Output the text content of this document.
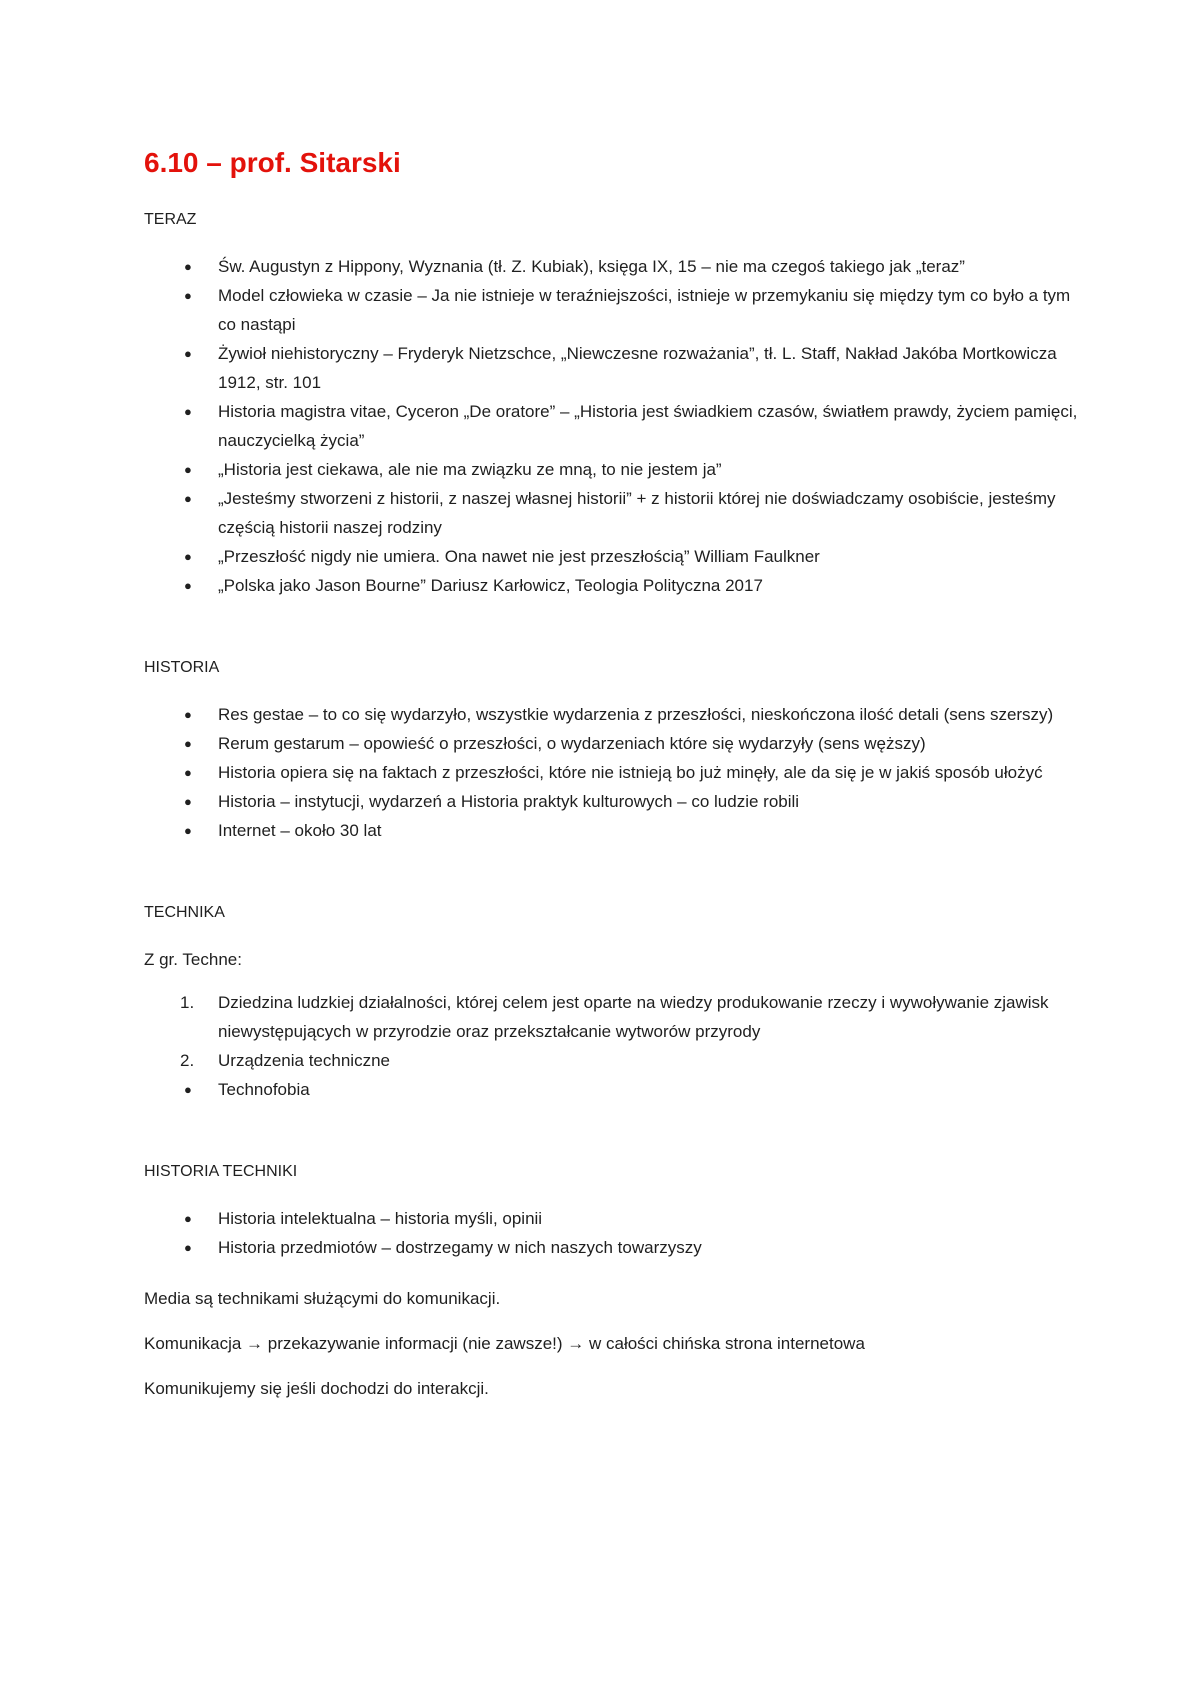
6.10 – prof. Sitarski

TERAZ

●	Św. Augustyn z Hippony, Wyznania (tł. Z. Kubiak), księga IX, 15 – nie ma czegoś takiego jak „teraz”
●	Model człowieka w czasie – Ja nie istnieje w teraźniejszości, istnieje w przemykaniu się między tym co było a tym co nastąpi
●	Żywioł niehistoryczny – Fryderyk Nietzschce, „Niewczesne rozważania”, tł. L. Staff, Nakład Jakóba Mortkowicza 1912, str. 101
●	Historia magistra vitae, Cyceron „De oratore” – „Historia jest świadkiem czasów, światłem prawdy, życiem pamięci, nauczycielką życia”
●	„Historia jest ciekawa, ale nie ma związku ze mną, to nie jestem ja”
●	„Jesteśmy stworzeni z historii, z naszej własnej historii” + z historii której nie doświadczamy osobiście, jesteśmy częścią historii naszej rodziny
●	„Przeszłość nigdy nie umiera. Ona nawet nie jest przeszłością” William Faulkner
●	„Polska jako Jason Bourne” Dariusz Karłowicz, Teologia Polityczna 2017

HISTORIA

●	Res gestae – to co się wydarzyło, wszystkie wydarzenia z przeszłości, nieskończona ilość detali (sens szerszy)
●	Rerum gestarum – opowieść o przeszłości, o wydarzeniach które się wydarzyły (sens węższy)
●	Historia opiera się na faktach z przeszłości, które nie istnieją bo już minęły, ale da się je w jakiś sposób ułożyć
●	Historia – instytucji, wydarzeń a Historia praktyk kulturowych – co ludzie robili
●	Internet – około 30 lat

TECHNIKA

Z gr. Techne:

1.	Dziedzina ludzkiej działalności, której celem jest oparte na wiedzy produkowanie rzeczy i wywoływanie zjawisk niewystępujących w przyrodzie oraz przekształcanie wytworów przyrody
2.	Urządzenia techniczne
●	Technofobia

HISTORIA TECHNIKI

●	Historia intelektualna – historia myśli, opinii
●	Historia przedmiotów – dostrzegamy w nich naszych towarzyszy

Media są technikami służącymi do komunikacji.

Komunikacja → przekazywanie informacji (nie zawsze!) → w całości chińska strona internetowa

Komunikujemy się jeśli dochodzi do interakcji.
